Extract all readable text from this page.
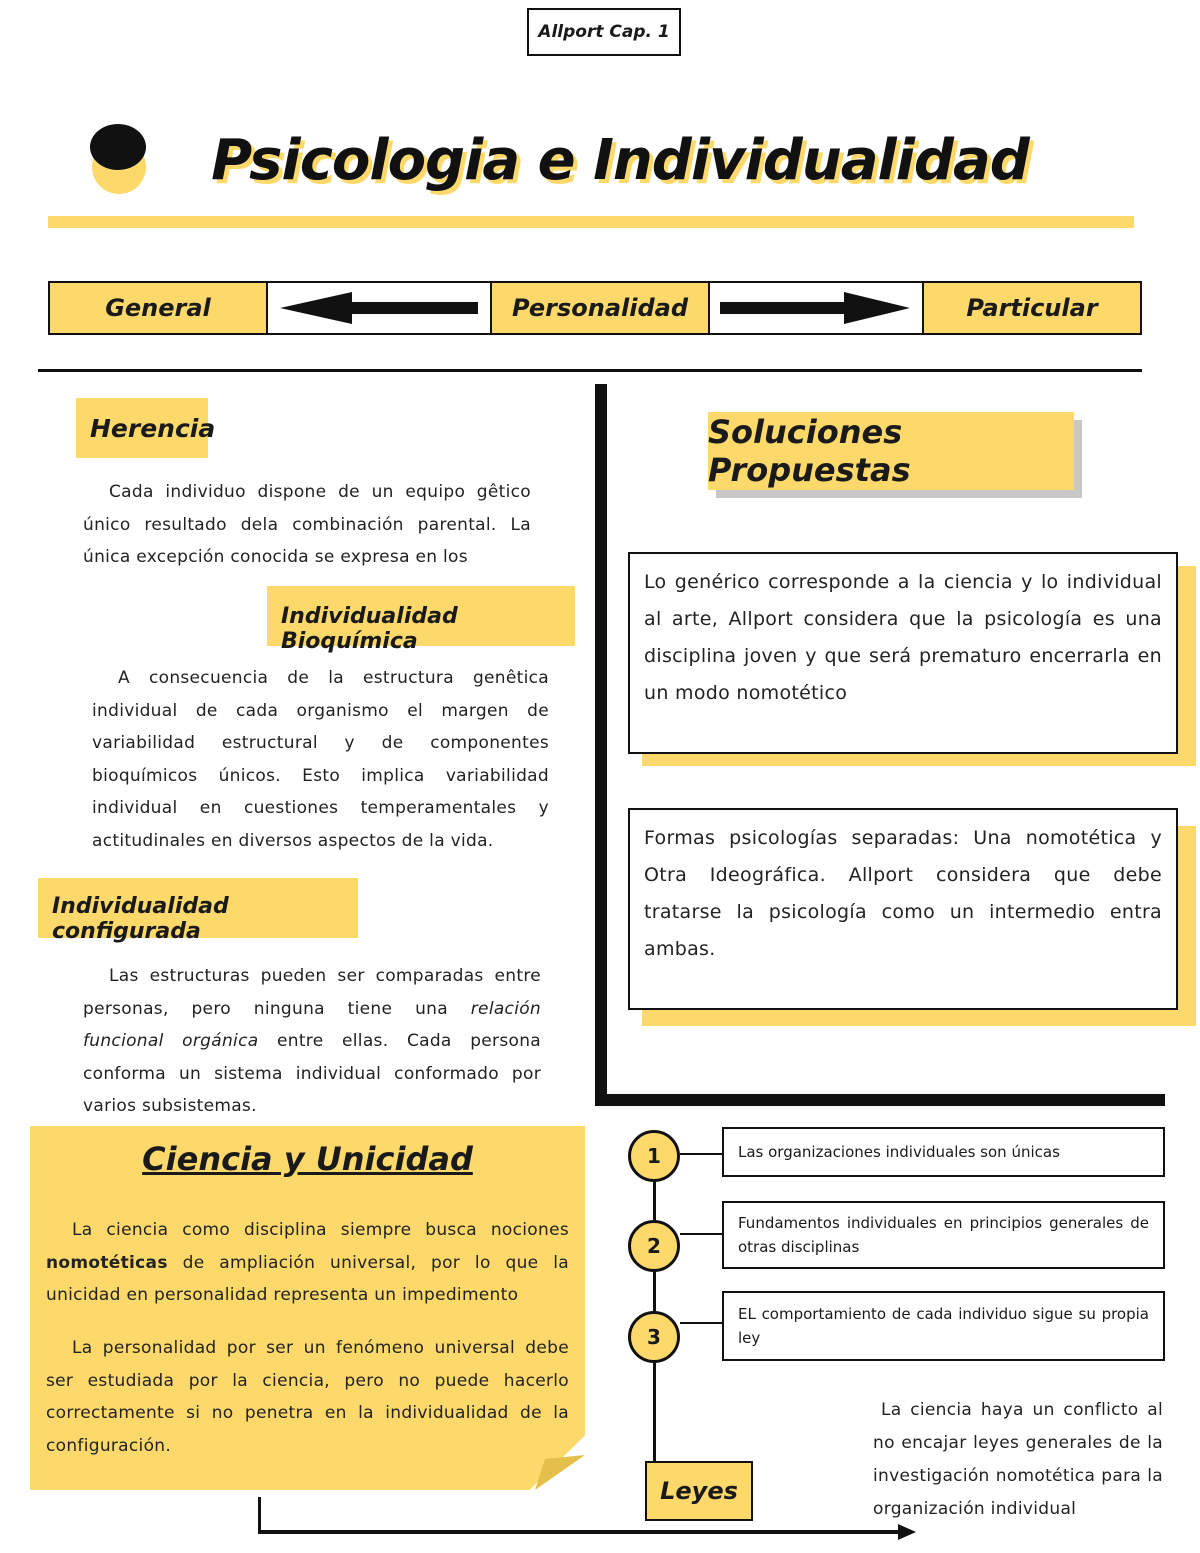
Allport Cap. 1
Psicologia e Individualidad
General	Personalidad	Particular
Herencia
Cada individuo dispone de un equipo gêtico único resultado dela combinación parental. La única excepción conocida se expresa en los
Individualidad Bioquímica
A consecuencia de la estructura genêtica individual de cada organismo el margen de variabilidad estructural y de componentes bioquímicos únicos. Esto implica variabilidad individual en cuestiones temperamentales y actitudinales en diversos aspectos de la vida.
Individualidad configurada
Las estructuras pueden ser comparadas entre personas, pero ninguna tiene una relación funcional orgánica entre ellas. Cada persona conforma un sistema individual conformado por varios subsistemas.
Ciencia y Unicidad
La ciencia como disciplina siempre busca nociones nomotéticas de ampliación universal, por lo que la unicidad en personalidad representa un impedimento
La personalidad por ser un fenómeno universal debe ser estudiada por la ciencia, pero no puede hacerlo correctamente si no penetra en la individualidad de la configuración.
Soluciones Propuestas
Lo genérico corresponde a la ciencia y lo individual al arte, Allport considera que la psicología es una disciplina joven y que será prematuro encerrarla en un modo nomotético
Formas psicologías separadas: Una nomotética y Otra Ideográfica. Allport considera que debe tratarse la psicología como un intermedio entra ambas.
1
2
3
Las organizaciones individuales son únicas
Fundamentos individuales en principios generales de otras disciplinas
EL comportamiento de cada individuo sigue su propia ley
Leyes
La ciencia haya un conflicto al no encajar leyes generales de la investigación nomotética para la organización individual
